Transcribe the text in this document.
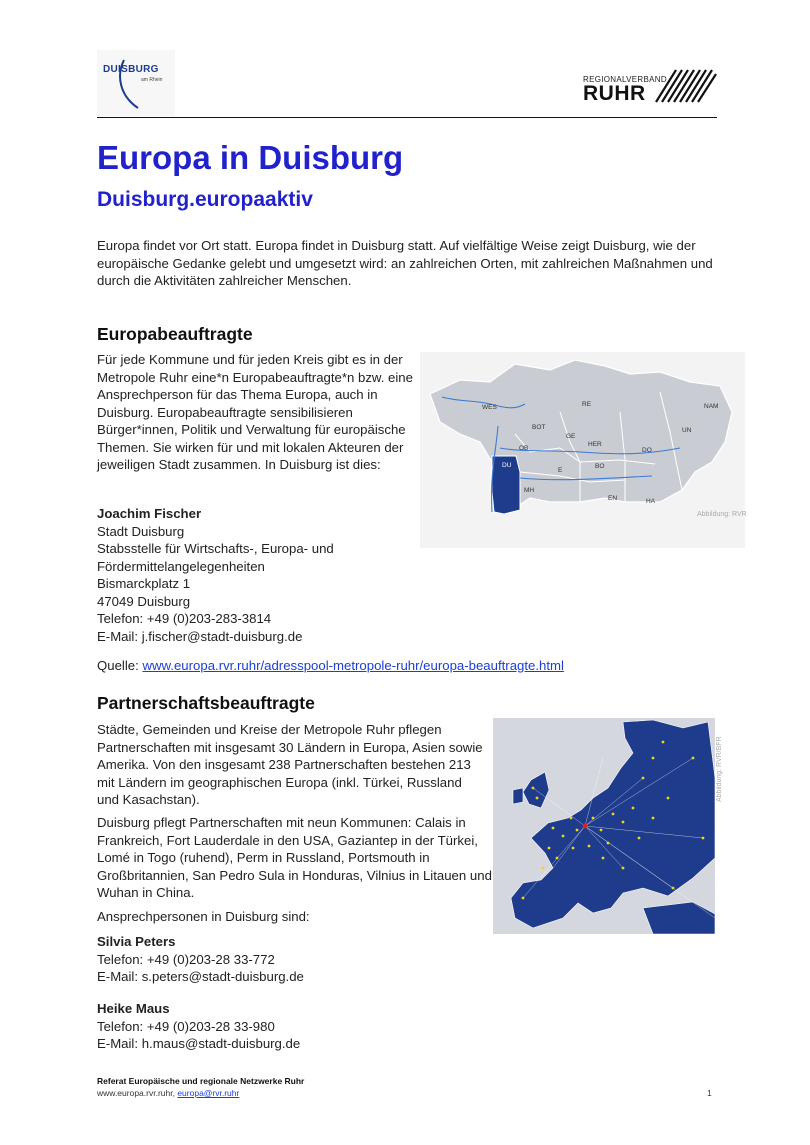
DUISBURG
am Rhein	REGIONALVERBAND
RUHR
Europa in Duisburg
Duisburg.europaaktiv
Europa findet vor Ort statt. Europa findet in Duisburg statt. Auf vielfältige Weise zeigt Duisburg, wie der europäische Gedanke gelebt und umgesetzt wird: an zahlreichen Orten, mit zahlreichen Maßnahmen und durch die Aktivitäten zahlreicher Menschen.
Europabeauftragte
Für jede Kommune und für jeden Kreis gibt es in der Metropole Ruhr eine*n Europabeauftragte*n bzw. eine Ansprechperson für das Thema Europa, auch in Duisburg. Europabeauftragte sensibilisieren Bürger*innen, Politik und Verwaltung für europäische Themen. Sie wirken für und mit lokalen Akteuren der jeweiligen Stadt zusammen. In Duisburg ist dies:
Joachim Fischer
Stadt Duisburg
Stabsstelle für Wirtschafts-, Europa- und Fördermittelangelegenheiten
Bismarckplatz 1
47049 Duisburg
Telefon: +49 (0)203-283-3814
E-Mail: j.fischer@stadt-duisburg.de
Quelle: www.europa.rvr.ruhr/adresspool-metropole-ruhr/europa-beauftragte.html
WES	RE	NAM
BOT
GE
UN
OB
HER
DO
DU
E
BO
MH
EN	HA
Abbildung: RVR
Partnerschaftsbeauftragte
Städte, Gemeinden und Kreise der Metropole Ruhr pflegen Partnerschaften mit insgesamt 30 Ländern in Europa, Asien sowie Amerika. Von den insgesamt 238 Partnerschaften bestehen 213 mit Ländern im geographischen Europa (inkl. Türkei, Russland und Kasachstan).
Duisburg pflegt Partnerschaften mit neun Kommunen: Calais in Frankreich, Fort Lauderdale in den USA, Gaziantep in der Türkei, Lomé in Togo (ruhend), Perm in Russland, Portsmouth in Großbritannien, San Pedro Sula in Honduras, Vilnius in Litauen und Wuhan in China.
Ansprechpersonen in Duisburg sind:
Silvia Peters
Telefon: +49 (0)203-28 33-772
E-Mail: s.peters@stadt-duisburg.de
Heike Maus
Telefon: +49 (0)203-28 33-980
E-Mail: h.maus@stadt-duisburg.de
Abbildung: RVR/BFR
Referat Europäische und regionale Netzwerke Ruhr
www.europa.rvr.ruhr, europa@rvr.ruhr	1
